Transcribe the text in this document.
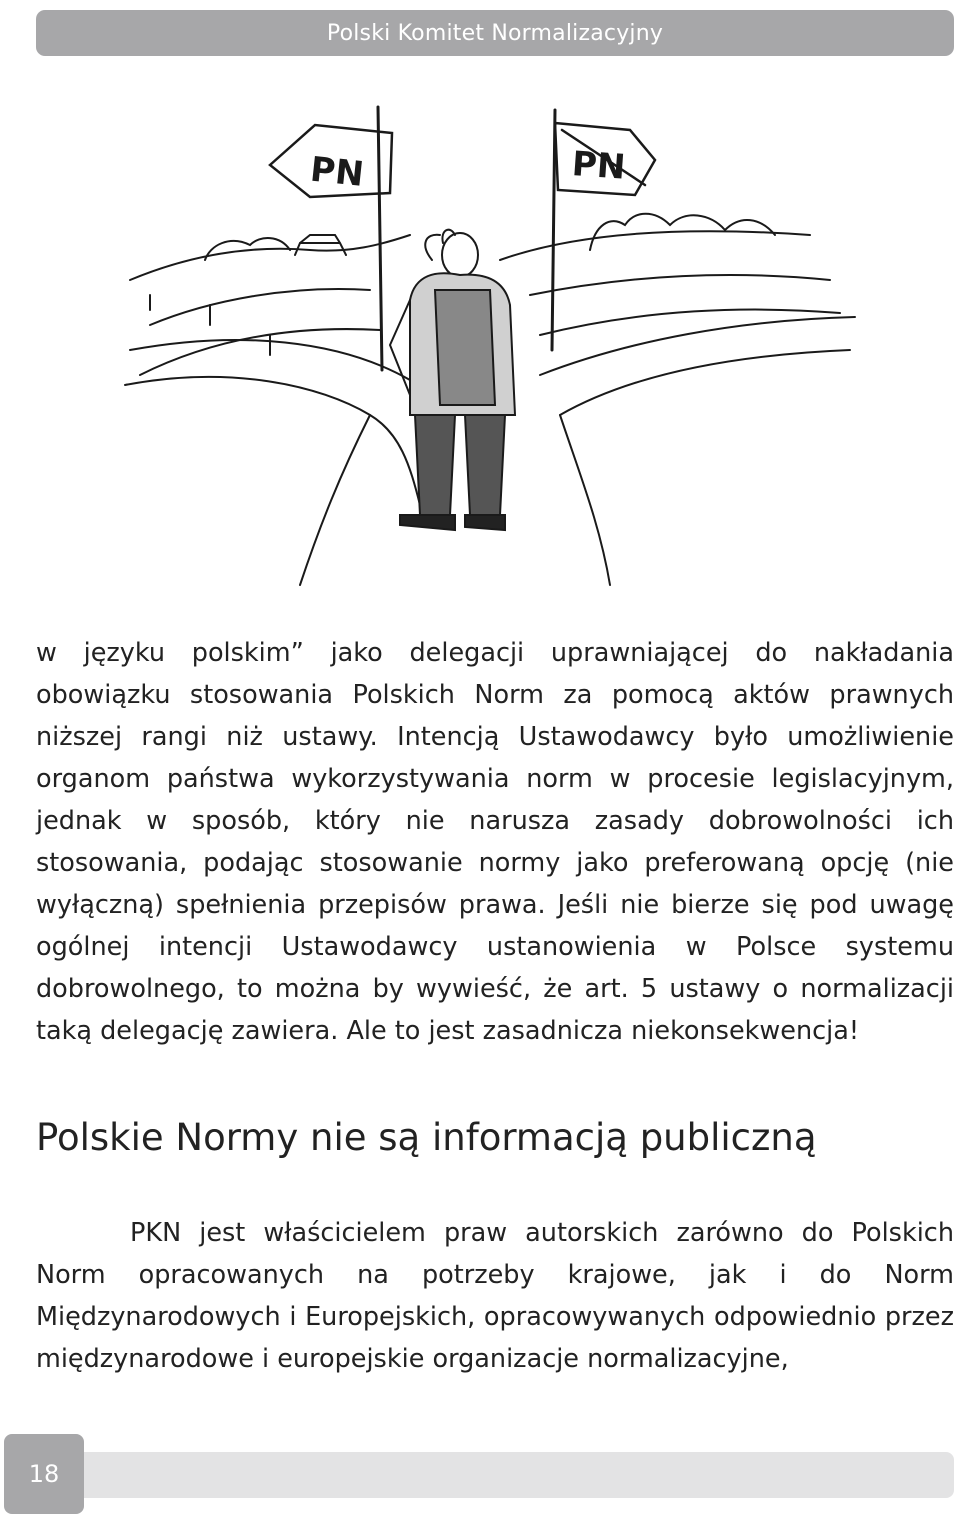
Polski Komitet Normalizacyjny
PN	PN

w języku polskim” jako delegacji uprawniającej do nakładania obowiązku stosowania Polskich Norm za pomocą aktów prawnych niższej rangi niż ustawy. Intencją Ustawodawcy było umożliwienie organom państwa wykorzystywania norm w procesie legislacyjnym, jednak w sposób, który nie narusza zasady dobrowolności ich stosowania, podając stosowanie normy jako preferowaną opcję (nie wyłączną) spełnienia przepisów prawa. Jeśli nie bierze się pod uwagę ogólnej intencji Ustawodawcy ustanowienia w Polsce systemu dobrowolnego, to można by wywieść, że art. 5 ustawy o normalizacji taką delegację zawiera. Ale to jest zasadnicza niekonsekwencja!

Polskie Normy nie są informacją publiczną

PKN jest właścicielem praw autorskich zarówno do Polskich Norm opracowanych na potrzeby krajowe, jak i do Norm Międzynarodowych i Europejskich, opracowywanych odpowiednio przez międzynarodowe i europejskie organizacje normalizacyjne,

18
